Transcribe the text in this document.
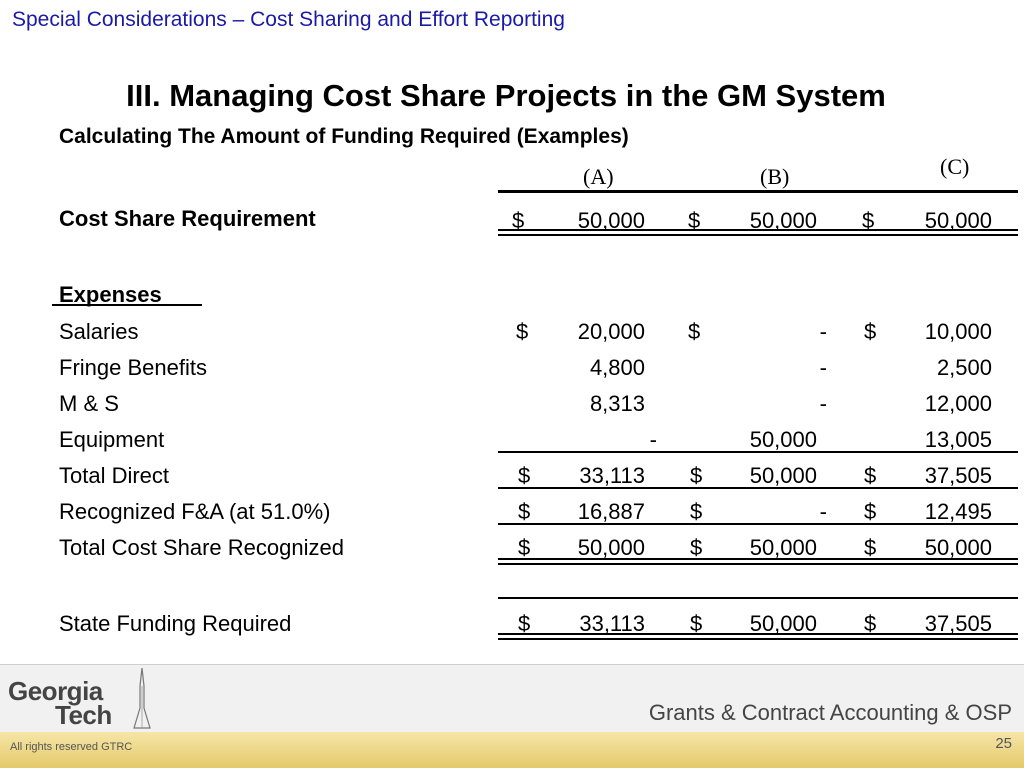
Special Considerations – Cost Sharing and Effort Reporting
III. Managing Cost Share Projects in the GM System
Calculating The Amount of Funding Required (Examples)
(A)	(B)	(C)
Cost Share Requirement	$	50,000 $	50,000 $	50,000
Expenses
Salaries	$	20,000 $	- $	10,000
Fringe Benefits	4,800	-	2,500
M & S	8,313	-	12,000
Equipment	-	50,000	13,005
Total Direct	$	33,113 $	50,000 $	37,505
Recognized F&A (at 51.0%)	$	16,887 $	- $	12,495
Total Cost Share Recognized	$	50,000 $	50,000 $	50,000
State Funding Required	$	33,113 $	50,000 $	37,505
Georgia
Tech	Grants & Contract Accounting & OSP
All rights reserved GTRC	25
